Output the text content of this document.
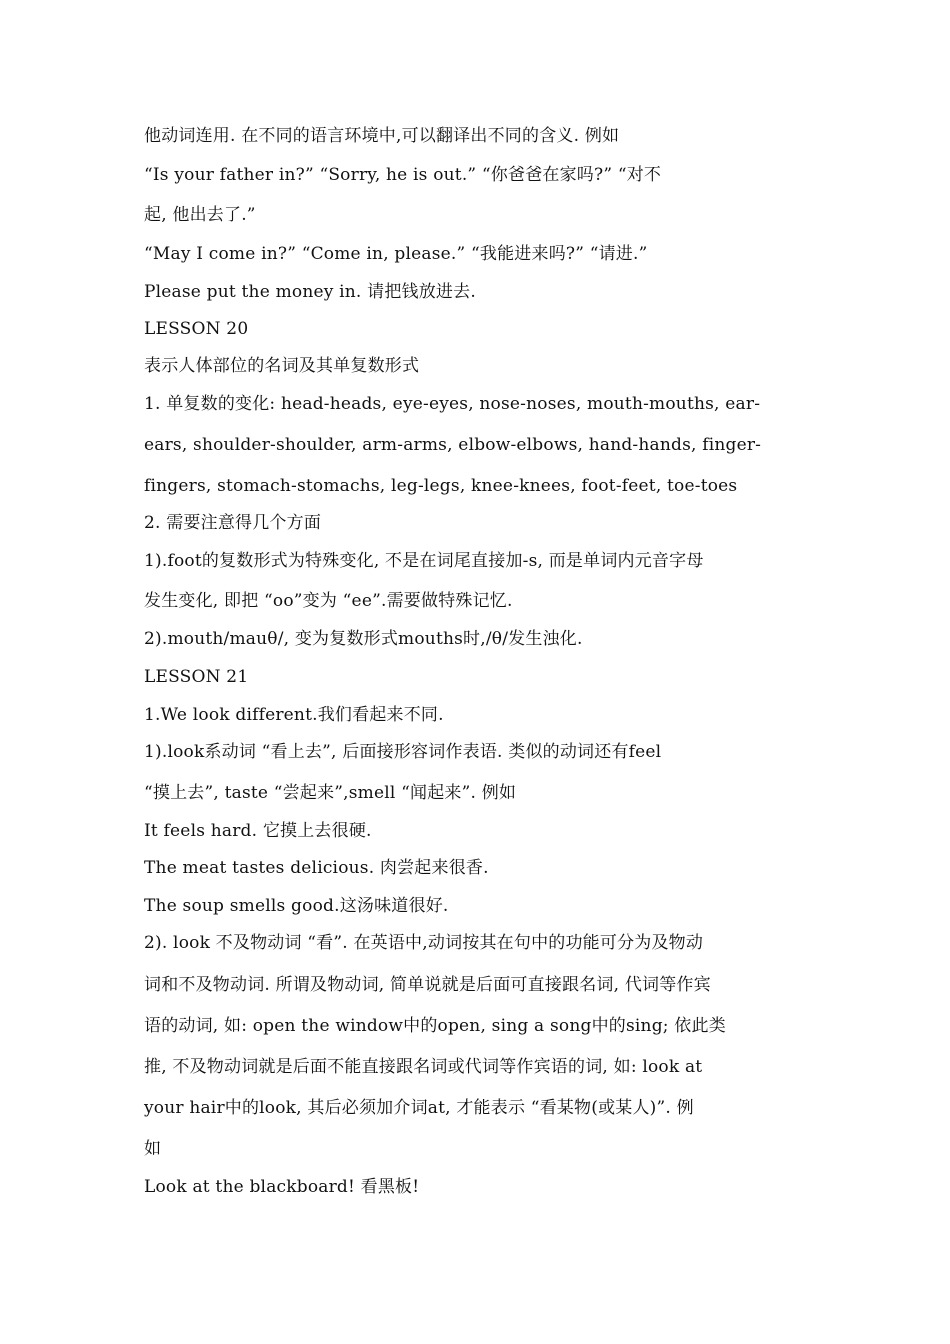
他动词连用. 在不同的语言环境中,可以翻译出不同的含义. 例如
“Is your father in?” “Sorry, he is out.” “你爸爸在家吗?” “对不
起, 他出去了.”
“May I come in?” “Come in, please.” “我能进来吗?” “请进.”
Please put the money in. 请把钱放进去.
LESSON 20
表示人体部位的名词及其单复数形式
1. 单复数的变化: head-heads, eye-eyes, nose-noses, mouth-mouths, ear-
ears, shoulder-shoulder, arm-arms, elbow-elbows, hand-hands, finger-
fingers, stomach-stomachs, leg-legs, knee-knees, foot-feet, toe-toes
2. 需要注意得几个方面
1).foot的复数形式为特殊变化, 不是在词尾直接加-s, 而是单词内元音字母
发生变化, 即把 “oo”变为 “ee”.需要做特殊记忆.
2).mouth/mauθ/, 变为复数形式mouths时,/θ/发生浊化.
LESSON 21
1.We look different.我们看起来不同.
1).look系动词 “看上去”, 后面接形容词作表语. 类似的动词还有feel
“摸上去”, taste “尝起来”,smell “闻起来”. 例如
It feels hard. 它摸上去很硬.
The meat tastes delicious. 肉尝起来很香.
The soup smells good.这汤味道很好.
2). look 不及物动词 “看”. 在英语中,动词按其在句中的功能可分为及物动
词和不及物动词. 所谓及物动词, 简单说就是后面可直接跟名词, 代词等作宾
语的动词, 如: open the window中的open, sing a song中的sing; 依此类
推, 不及物动词就是后面不能直接跟名词或代词等作宾语的词, 如: look at
your hair中的look, 其后必须加介词at, 才能表示 “看某物(或某人)”. 例
如
Look at the blackboard! 看黑板!
